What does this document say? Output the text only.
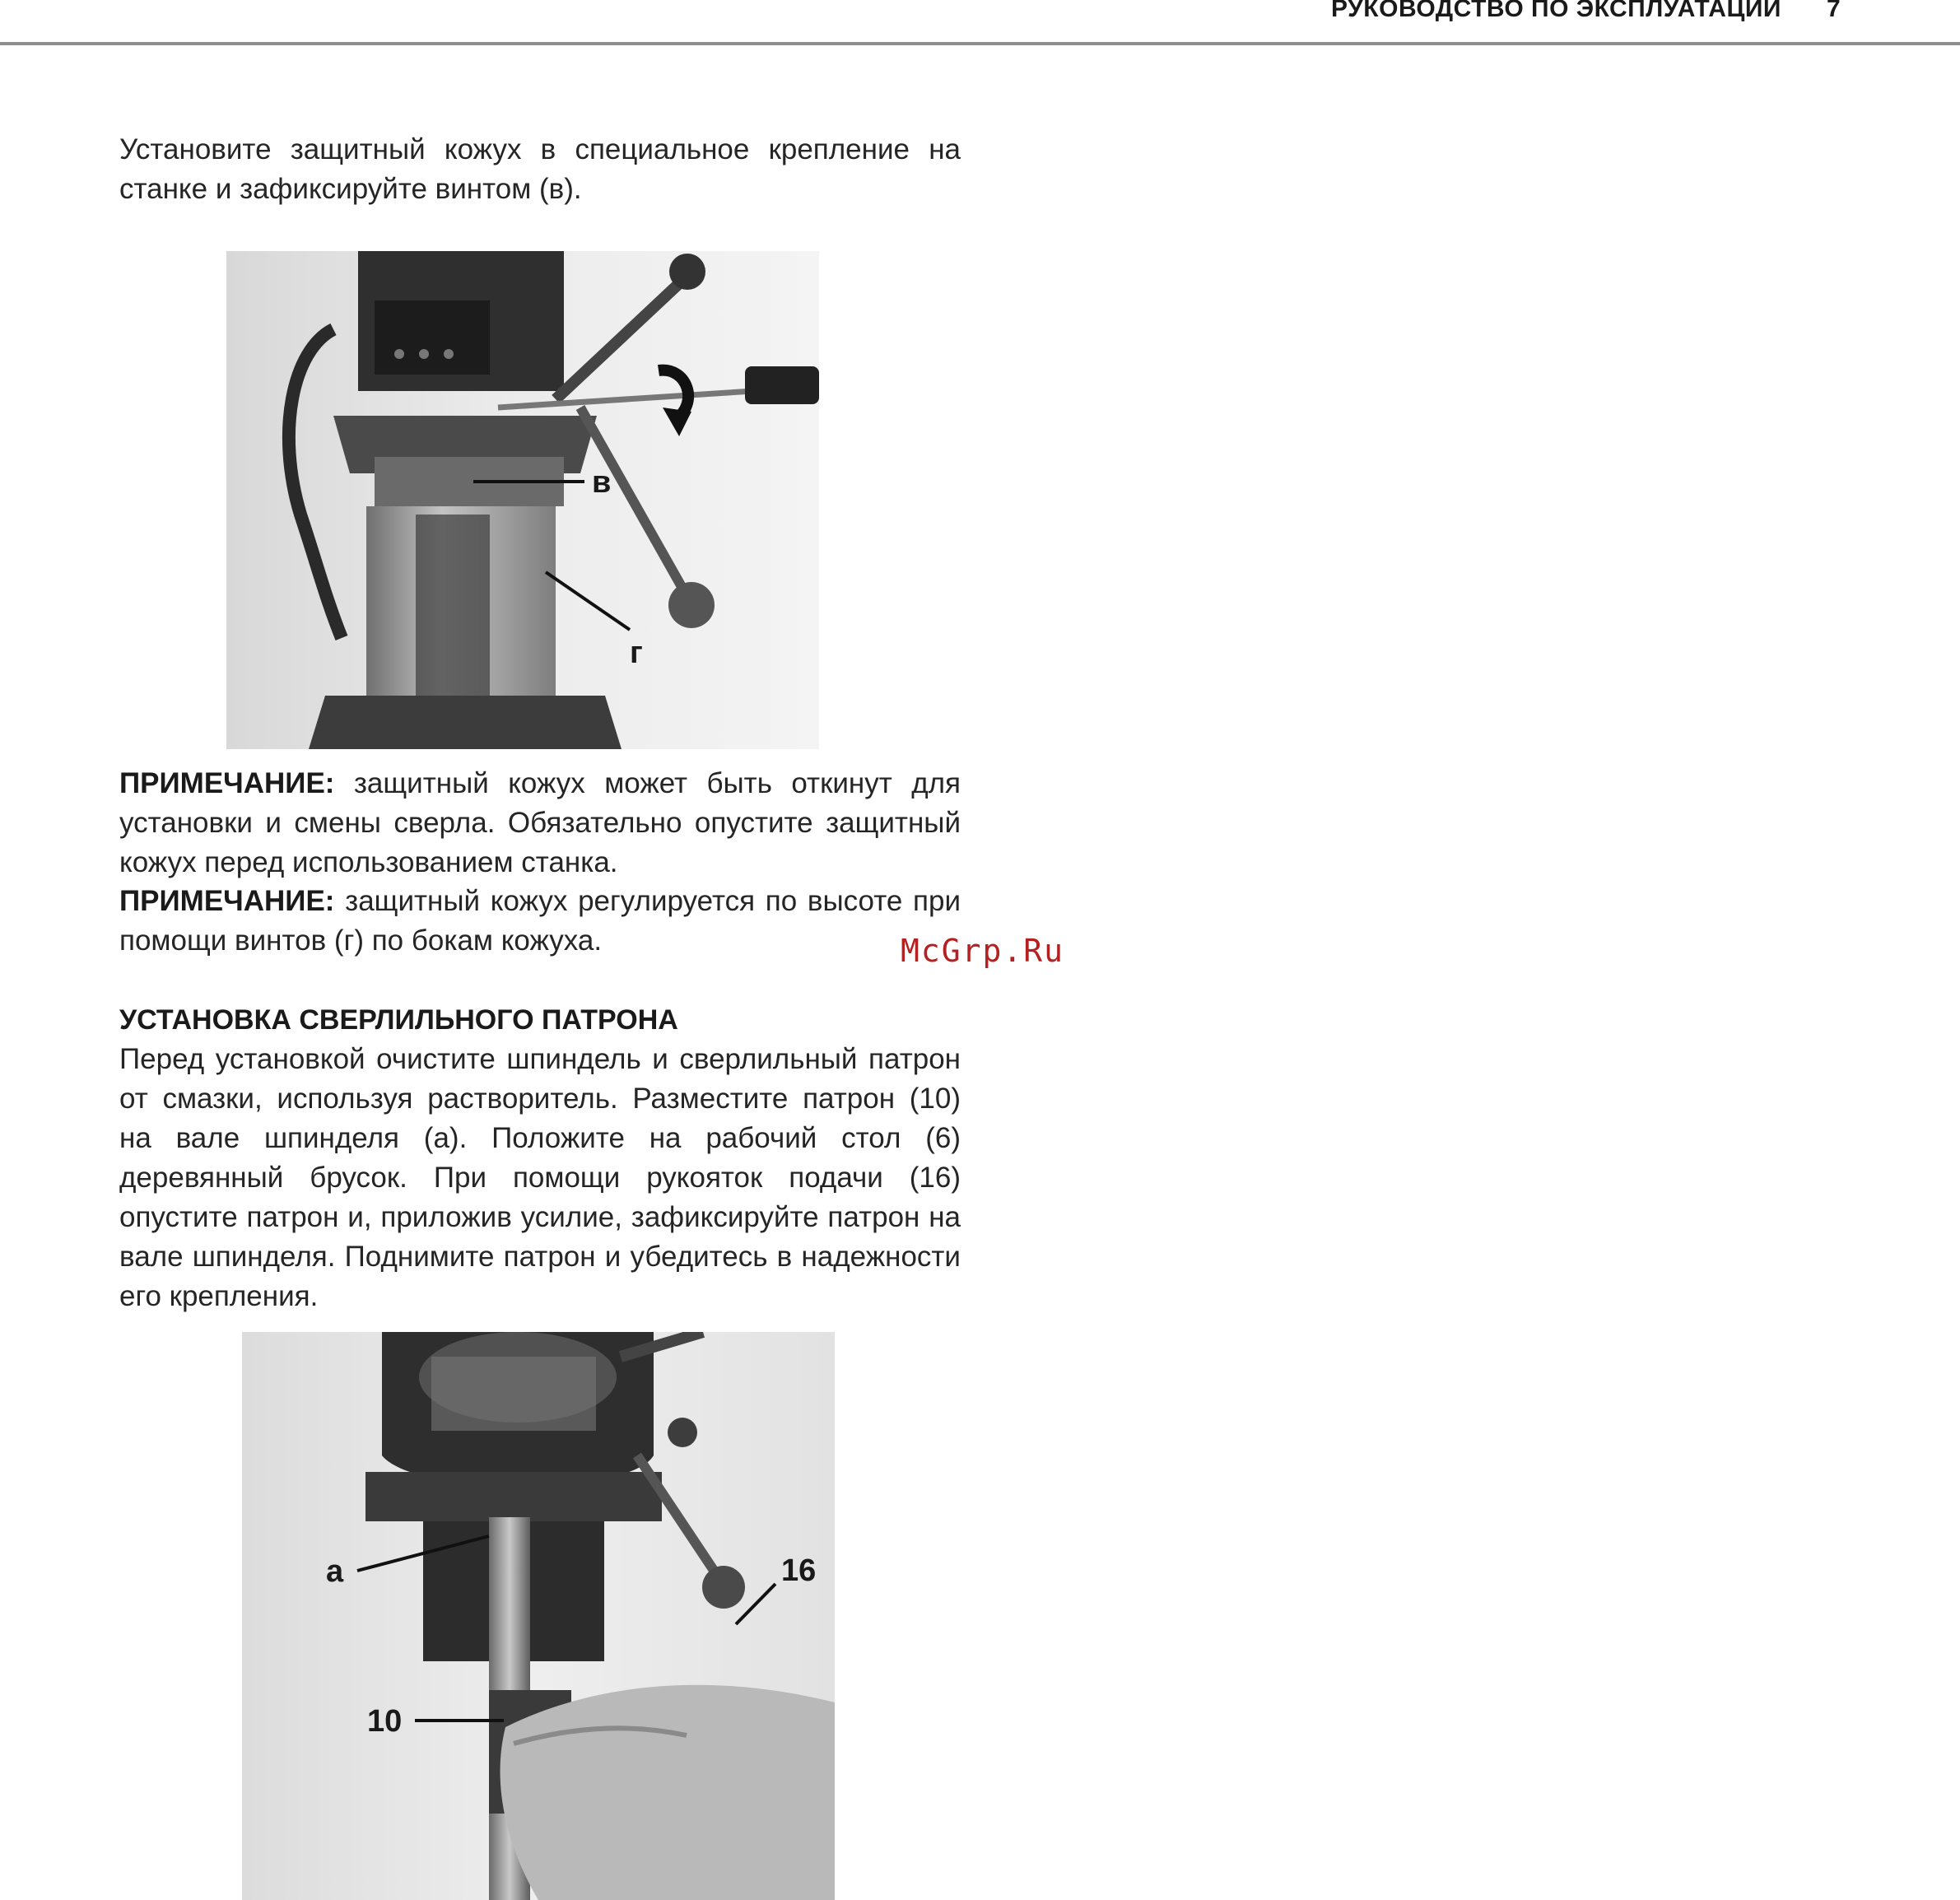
РУКОВОДСТВО ПО ЭКСПЛУАТАЦИИ 7

Установите защитный кожух в специальное крепление на станке и зафиксируйте винтом (в).

в
г

ПРИМЕЧАНИЕ: защитный кожух может быть откинут для установки и смены сверла. Обязательно опустите защитный кожух перед использованием станка.

ПРИМЕЧАНИЕ: защитный кожух регулируется по высоте при помощи винтов (г) по бокам кожуха.	McGrp.Ru
УСТАНОВКА СВЕРЛИЛЬНОГО ПАТРОНА

Перед установкой очистите шпиндель и сверлильный патрон от смазки, используя растворитель. Разместите патрон (10) на вале шпинделя (а). Положите на рабочий стол (6) деревянный брусок. При помощи рукояток подачи (16) опустите патрон и, приложив усилие, зафиксируйте патрон на вале шпинделя. Поднимите патрон и убедитесь в надежности его крепления.

а	16
10
